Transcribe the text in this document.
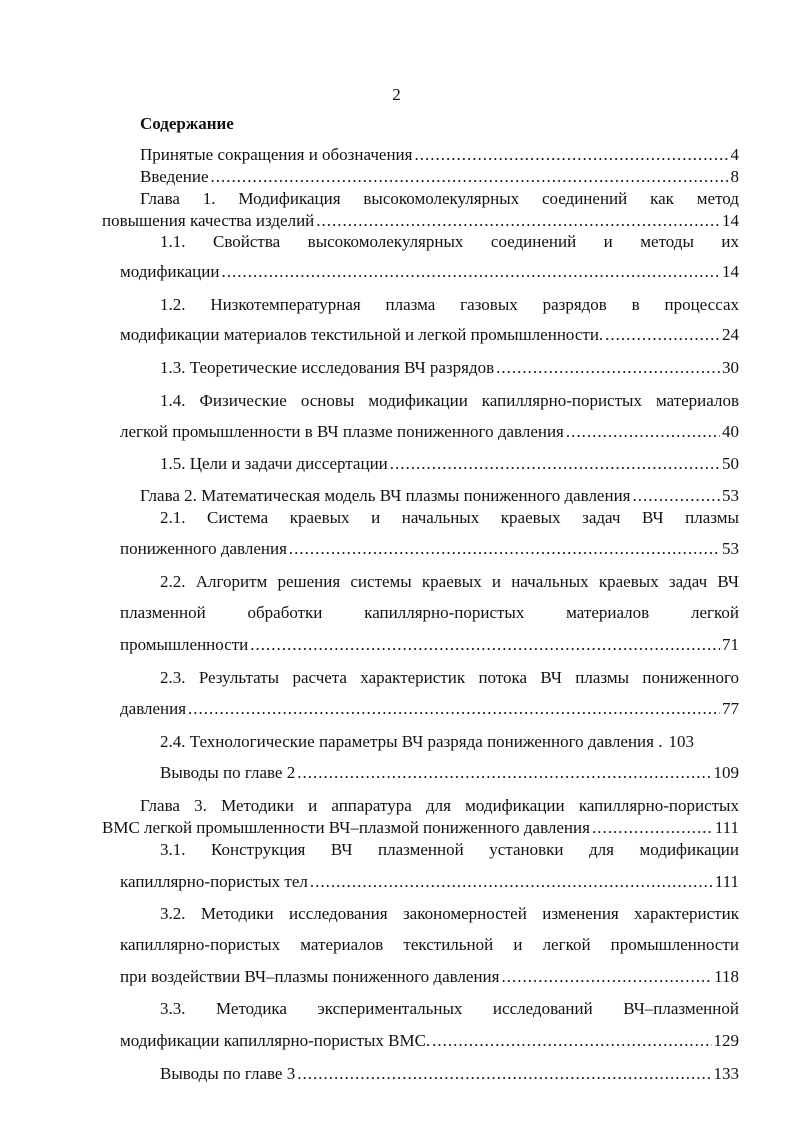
2
Содержание
Принятые сокращения и обозначения .....	4
Введение .....	8
Глава 1. Модификация высокомолекулярных соединений как метод
повышения качества изделий .....	14
1.1. Свойства высокомолекулярных соединений и методы их
модификации .....	14
1.2. Низкотемпературная плазма газовых разрядов в процессах
модификации материалов текстильной и легкой промышленности. .....	24
1.3. Теоретические исследования ВЧ разрядов .....	30
1.4. Физические основы модификации капиллярно-пористых материалов
легкой промышленности в ВЧ плазме пониженного давления .....	40
1.5. Цели и задачи диссертации .....	50
Глава 2. Математическая модель ВЧ плазмы пониженного давления .....	53
2.1. Система краевых и начальных краевых задач ВЧ плазмы
пониженного давления .....	53
2.2. Алгоритм решения системы краевых и начальных краевых задач ВЧ
плазменной обработки капиллярно-пористых материалов легкой
промышленности .....	71
2.3. Результаты расчета характеристик потока ВЧ плазмы пониженного
давления .....	77
2.4. Технологические параметры ВЧ разряда пониженного давления . 103
Выводы по главе 2 .....	109
Глава 3. Методики и аппаратура для модификации капиллярно-пористых
ВМС легкой промышленности ВЧ–плазмой пониженного давления .....	111
3.1. Конструкция ВЧ плазменной установки для модификации
капиллярно-пористых тел .....	111
3.2. Методики исследования закономерностей изменения характеристик
капиллярно-пористых материалов текстильной и легкой промышленности
при воздействии ВЧ–плазмы пониженного давления .....	118
3.3. Методика экспериментальных исследований ВЧ–плазменной
модификации капиллярно-пористых ВМС. .....	129
Выводы по главе 3 .....	133
